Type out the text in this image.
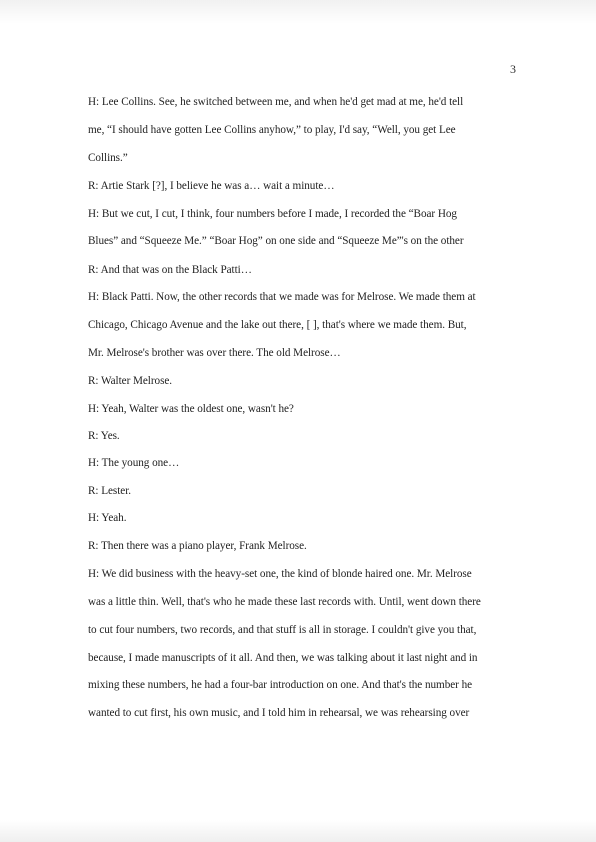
3
H: Lee Collins. See, he switched between me, and when he'd get mad at me, he'd tell
me, “I should have gotten Lee Collins anyhow,” to play, I'd say, “Well, you get Lee
Collins.”
R: Artie Stark [?], I believe he was a… wait a minute…
H: But we cut, I cut, I think, four numbers before I made, I recorded the “Boar Hog
Blues” and “Squeeze Me.” “Boar Hog” on one side and “Squeeze Me”'s on the other
R: And that was on the Black Patti…
H: Black Patti. Now, the other records that we made was for Melrose. We made them at
Chicago, Chicago Avenue and the lake out there, [ ], that's where we made them. But,
Mr. Melrose's brother was over there. The old Melrose…
R: Walter Melrose.
H: Yeah, Walter was the oldest one, wasn't he?
R: Yes.
H: The young one…
R: Lester.
H: Yeah.
R: Then there was a piano player, Frank Melrose.
H: We did business with the heavy-set one, the kind of blonde haired one. Mr. Melrose
was a little thin. Well, that's who he made these last records with. Until, went down there
to cut four numbers, two records, and that stuff is all in storage. I couldn't give you that,
because, I made manuscripts of it all. And then, we was talking about it last night and in
mixing these numbers, he had a four-bar introduction on one. And that's the number he
wanted to cut first, his own music, and I told him in rehearsal, we was rehearsing over
